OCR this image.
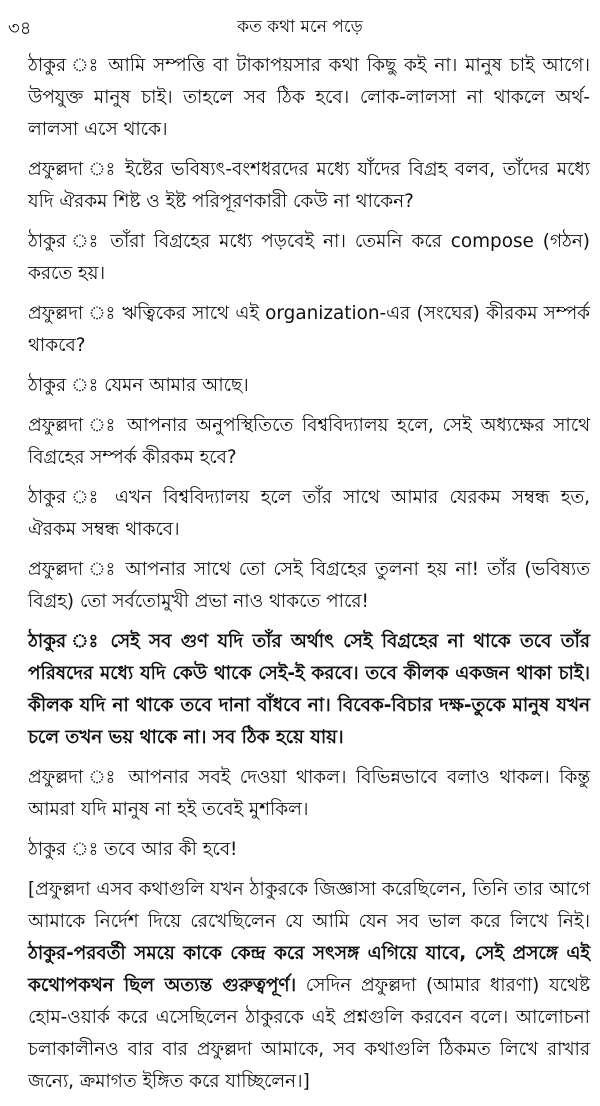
৩৪	কত কথা মনে পড়ে

ঠাকুর ঃ আমি সম্পত্তি বা টাকাপয়সার কথা কিছু কই না। মানুষ চাই আগে। উপযুক্ত মানুষ চাই। তাহলে সব ঠিক হবে। লোক-লালসা না থাকলে অর্থ-লালসা এসে থাকে।

প্রফুল্লদা ঃ ইষ্টের ভবিষ্যৎ-বংশধরদের মধ্যে যাঁদের বিগ্রহ বলব, তাঁদের মধ্যে যদি ঐরকম শিষ্ট ও ইষ্ট পরিপূরণকারী কেউ না থাকেন?

ঠাকুর ঃ তাঁরা বিগ্রহের মধ্যে পড়বেই না। তেমনি করে compose (গঠন) করতে হয়।

প্রফুল্লদা ঃ ঋত্বিকের সাথে এই organization-এর (সংঘের) কীরকম সম্পর্ক থাকবে?

ঠাকুর ঃ যেমন আমার আছে।

প্রফুল্লদা ঃ আপনার অনুপস্থিতিতে বিশ্ববিদ্যালয় হলে, সেই অধ্যক্ষের সাথে বিগ্রহের সম্পর্ক কীরকম হবে?

ঠাকুর ঃ এখন বিশ্ববিদ্যালয় হলে তাঁর সাথে আমার যেরকম সম্বন্ধ হত, ঐরকম সম্বন্ধ থাকবে।

প্রফুল্লদা ঃ আপনার সাথে তো সেই বিগ্রহের তুলনা হয় না! তাঁর (ভবিষ্যত বিগ্রহ) তো সর্বতোমুখী প্রভা নাও থাকতে পারে!

ঠাকুর ঃ সেই সব গুণ যদি তাঁর অর্থাৎ সেই বিগ্রহের না থাকে তবে তাঁর পরিষদের মধ্যে যদি কেউ থাকে সেই-ই করবে। তবে কীলক একজন থাকা চাই। কীলক যদি না থাকে তবে দানা বাঁধবে না। বিবেক-বিচার দক্ষ-তুকে মানুষ যখন চলে তখন ভয় থাকে না। সব ঠিক হয়ে যায়।

প্রফুল্লদা ঃ আপনার সবই দেওয়া থাকল। বিভিন্নভাবে বলাও থাকল। কিন্তু আমরা যদি মানুষ না হই তবেই মুশকিল।

ঠাকুর ঃ তবে আর কী হবে!

[প্রফুল্লদা এসব কথাগুলি যখন ঠাকুরকে জিজ্ঞাসা করেছিলেন, তিনি তার আগে আমাকে নির্দেশ দিয়ে রেখেছিলেন যে আমি যেন সব ভাল করে লিখে নিই। ঠাকুর-পরবর্তী সময়ে কাকে কেন্দ্র করে সৎসঙ্গ এগিয়ে যাবে, সেই প্রসঙ্গে এই কথোপকথন ছিল অত্যন্ত গুরুত্বপূর্ণ। সেদিন প্রফুল্লদা (আমার ধারণা) যথেষ্ট হোম-ওয়ার্ক করে এসেছিলেন ঠাকুরকে এই প্রশ্নগুলি করবেন বলে। আলোচনা চলাকালীনও বার বার প্রফুল্লদা আমাকে, সব কথাগুলি ঠিকমত লিখে রাখার জন্যে, ক্রমাগত ইঙ্গিত করে যাচ্ছিলেন।]
